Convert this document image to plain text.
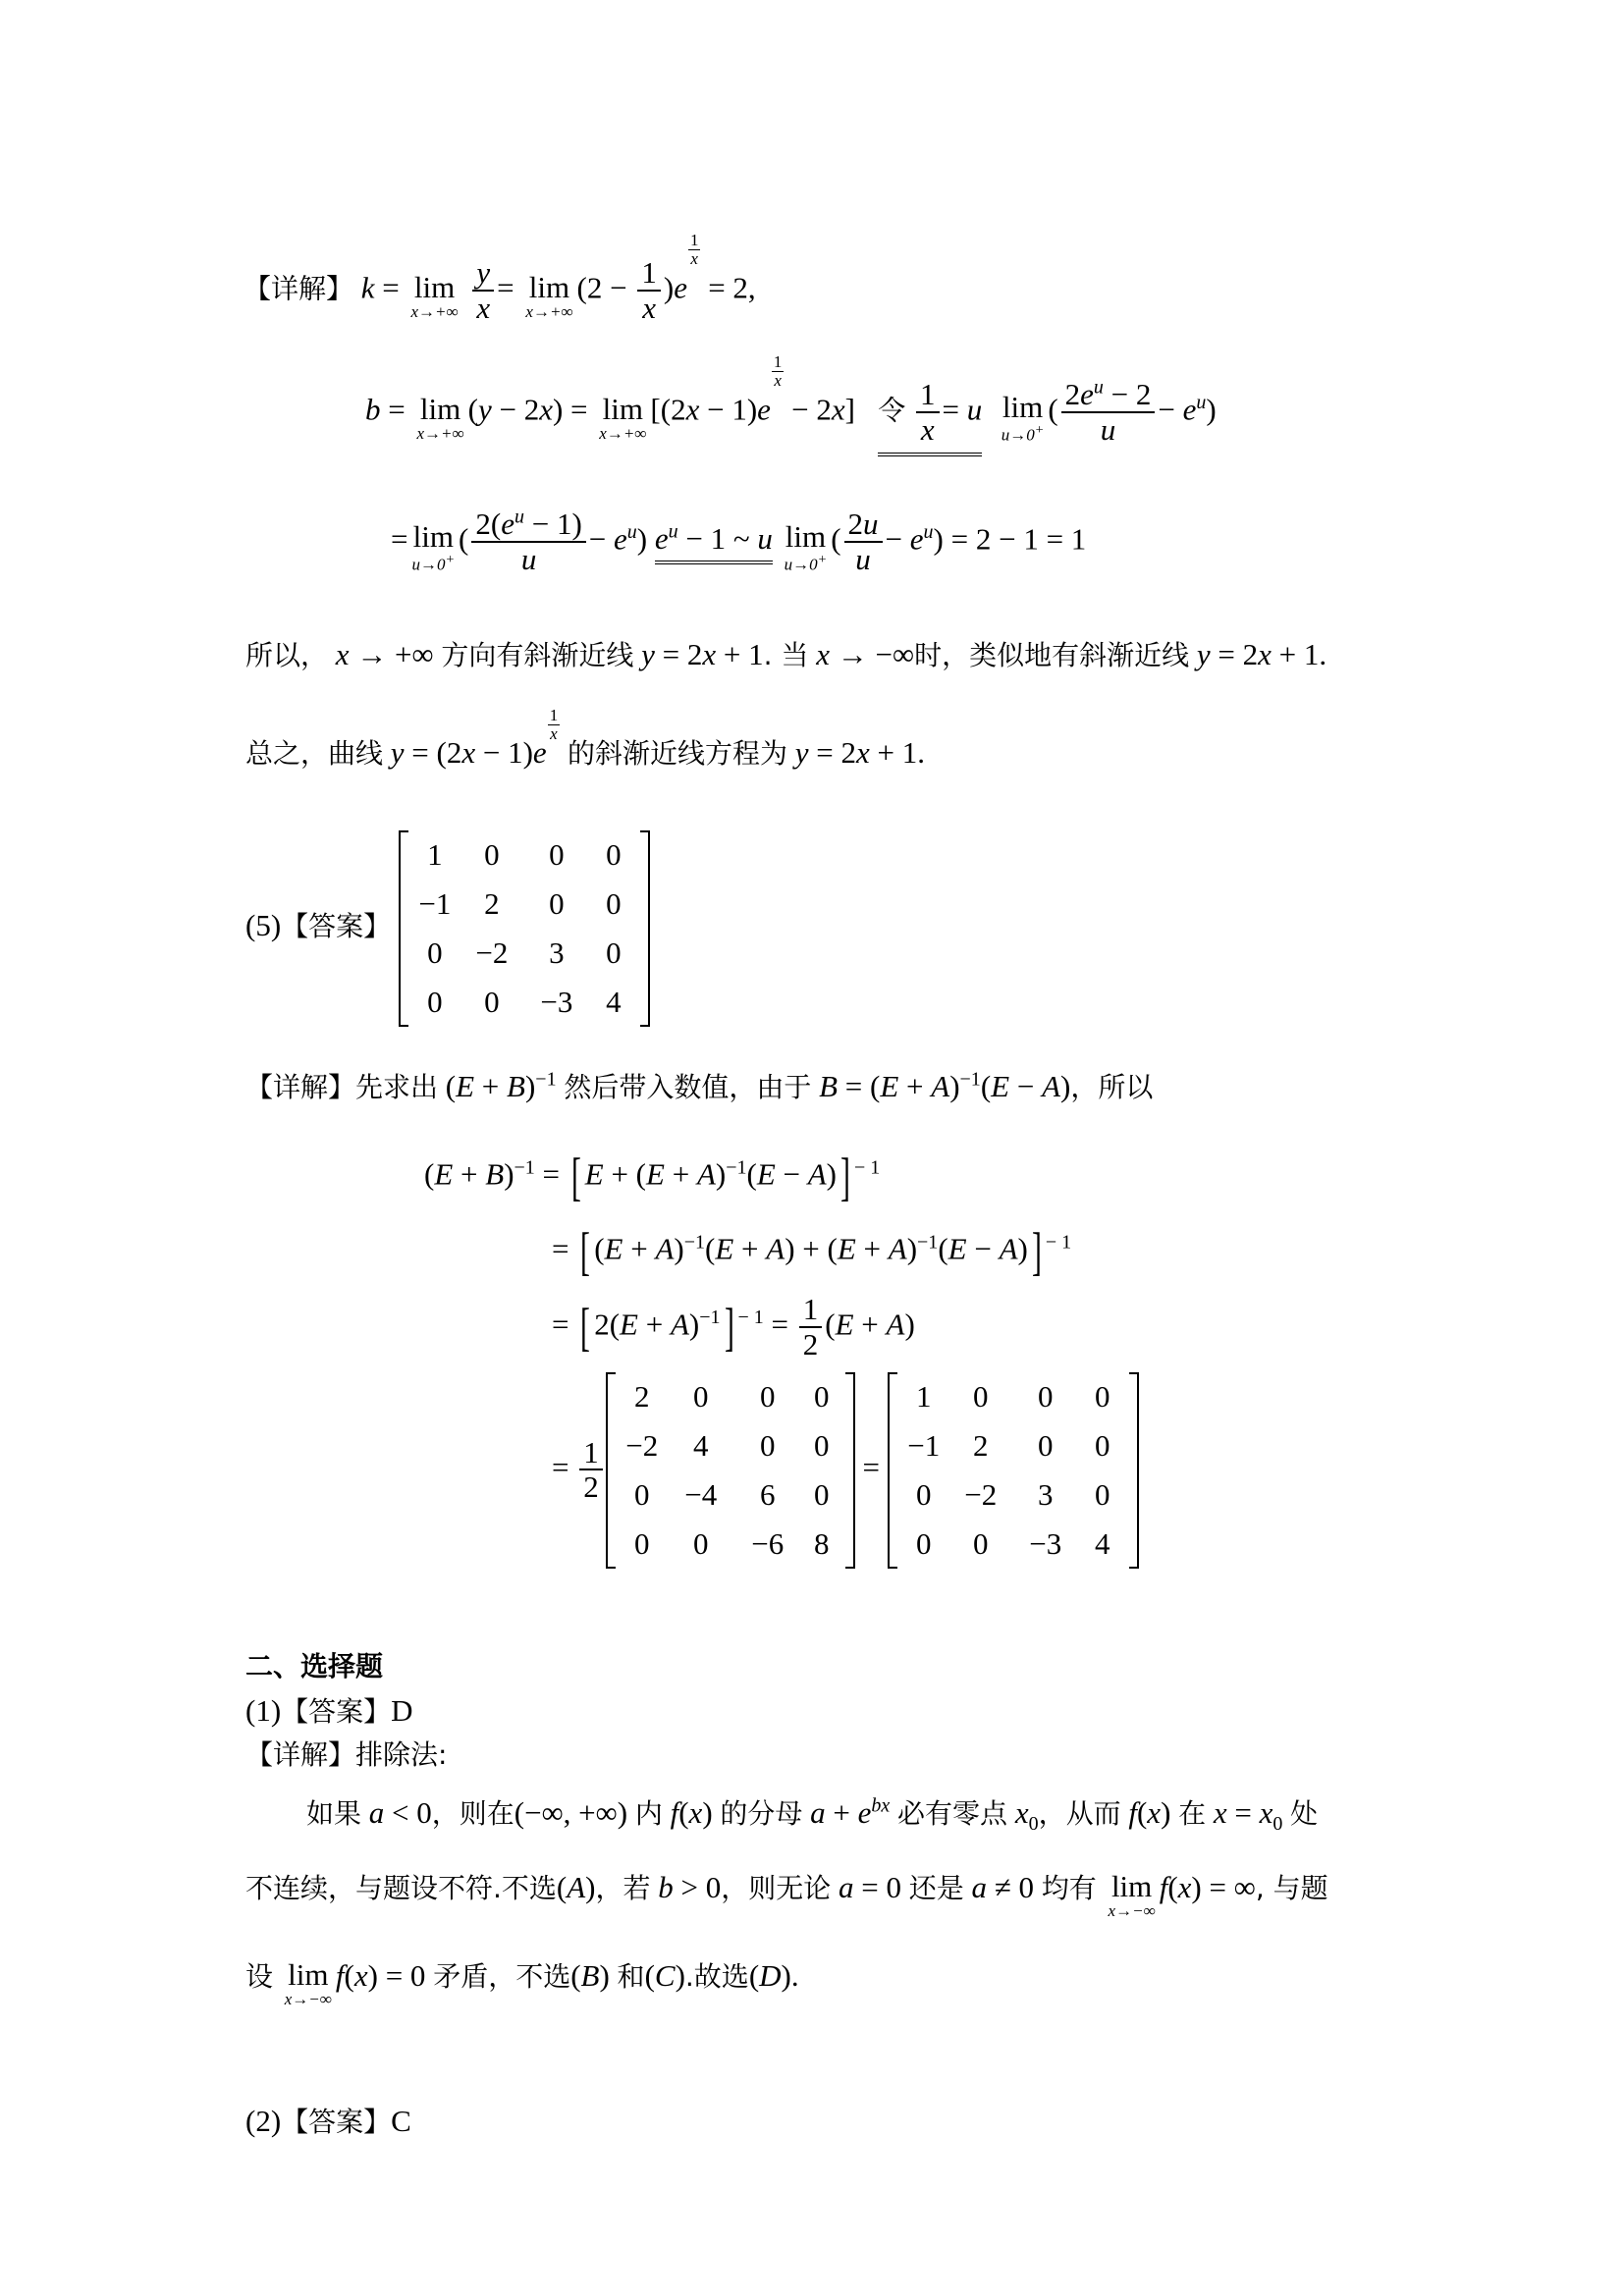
【详解】 k = lim
x→+∞
$\frac{y}{x} = \lim$
x→+∞
$(2 - \frac{1}{x} )e$
$\frac{1}{x}$
= 2,
b = lim
x→+∞
(y − 2x) = lim
x→+∞
[(2x − 1)e
$\frac{1}{x}$
− 2x]   令 $\frac{1}{x} = u$ lim
u→0+
( $\frac{2e^u - 2}{u} - e^u$)
= lim
u→0+
( $\frac{2(e^u - 1)}{u} - e^u$) $e^u - 1$ ~ u lim
u→0+
( $\frac{2u}{u} - e^u) = 2 - 1 = 1$
所以， x → +∞ 方向有斜渐近线 y = 2x + 1. 当 x → −∞时，类似地有斜渐近线 y = 2x + 1.
总之，曲线 y = (2x − 1)e
$\frac{1}{x}$
的斜渐近线方程为 y = 2x + 1.
(5)【答案】
1	0	0	0
−1	2	0	0
0	−2	3	0
0	0	−3	4
【详解】先求出 $(E + B)^{-1}$ 然后带入数值，由于 $B = (E + A)^{-1}(E - A)$，所以
$(E + B)^{-1}$ = [ $E + (E + A)^{-1}(E - A)$] $^{- 1}$
= [ $(E + A)^{-1}(E + A) + (E + A)^{-1}(E - A)$] $^{- 1}$
= [ $2(E + A)^{-1}$] $^{- 1} = \frac{1}{2} (E + A)$
= $\frac{1}{2}$
2	0	0	0
−2	4	0	0
0	−4	6	0
0	0	−6	8
=
1	0	0	0
−1	2	0	0
0	−2	3	0
0	0	−3	4
二、选择题
(1)【答案】D
【详解】排除法:
如果 a < 0，则在(−∞, +∞) 内 f(x) 的分母 $a + e^{bx}$ 必有零点 $x_0$，从而 f(x) 在 $x = x_0$ 处
不连续，与题设不符.不选(A)，若 b > 0，则无论 a = 0 还是 a ≠ 0 均有 lim
x→−∞
f(x) = ∞, 与题
设 lim
x→−∞
f(x) = 0 矛盾，不选(B) 和(C).故选(D).
(2)【答案】C
